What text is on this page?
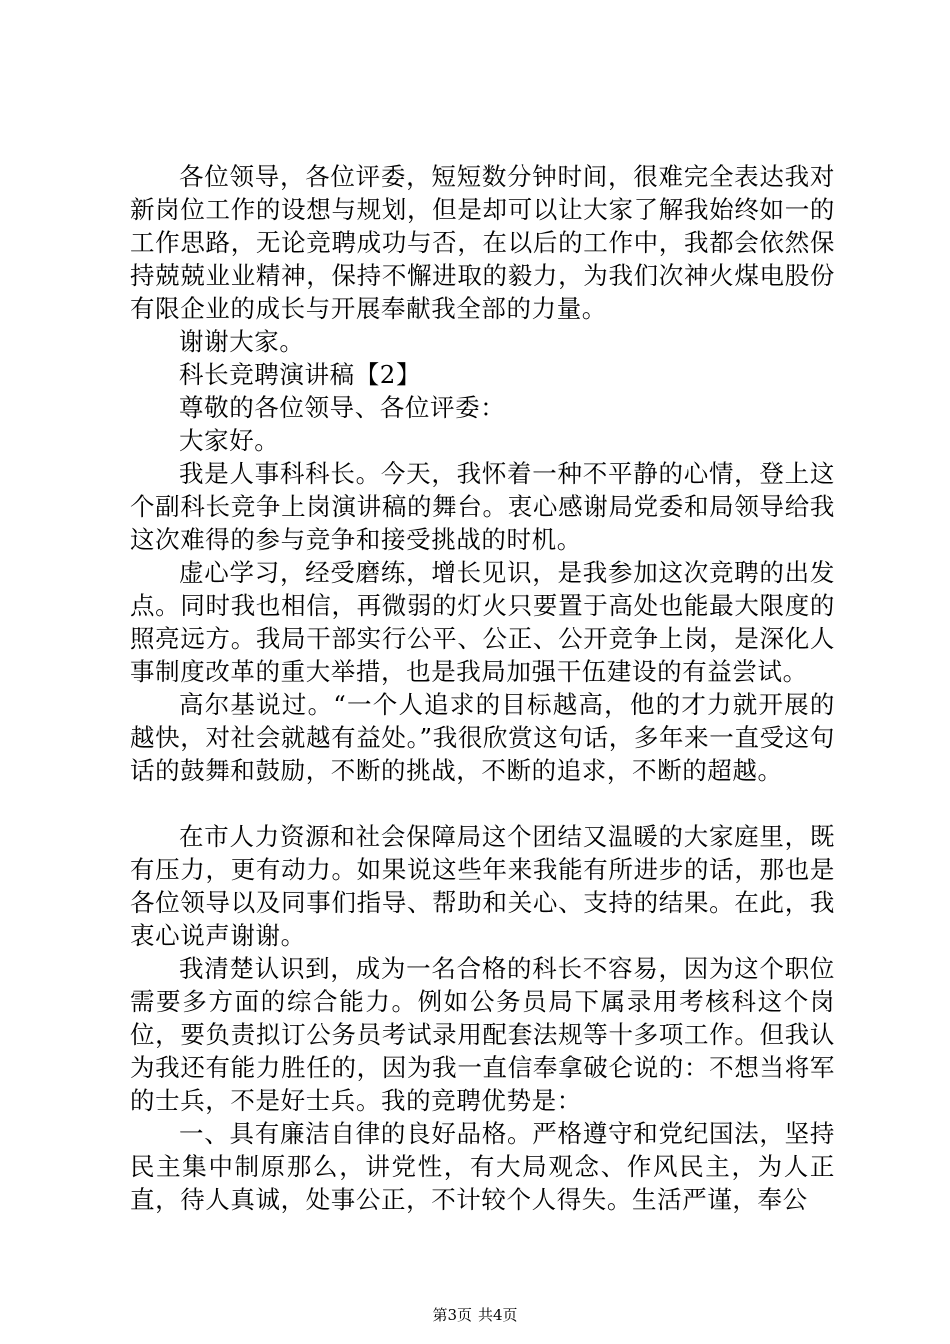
各位领导，各位评委，短短数分钟时间，很难完全表达我对新岗位工作的设想与规划，但是却可以让大家了解我始终如一的工作思路，无论竞聘成功与否，在以后的工作中，我都会依然保持兢兢业业精神，保持不懈进取的毅力，为我们次神火煤电股份有限企业的成长与开展奉献我全部的力量。

谢谢大家。

科长竞聘演讲稿【2】

尊敬的各位领导、各位评委：

大家好。

我是人事科科长。今天，我怀着一种不平静的心情，登上这个副科长竞争上岗演讲稿的舞台。衷心感谢局党委和局领导给我这次难得的参与竞争和接受挑战的时机。

虚心学习，经受磨练，增长见识，是我参加这次竞聘的出发点。同时我也相信，再微弱的灯火只要置于高处也能最大限度的照亮远方。我局干部实行公平、公正、公开竞争上岗，是深化人事制度改革的重大举措，也是我局加强干伍建设的有益尝试。

高尔基说过。“一个人追求的目标越高，他的才力就开展的越快，对社会就越有益处。”我很欣赏这句话，多年来一直受这句话的鼓舞和鼓励，不断的挑战，不断的追求，不断的超越。

在市人力资源和社会保障局这个团结又温暖的大家庭里，既有压力，更有动力。如果说这些年来我能有所进步的话，那也是各位领导以及同事们指导、帮助和关心、支持的结果。在此，我衷心说声谢谢。

我清楚认识到，成为一名合格的科长不容易，因为这个职位需要多方面的综合能力。例如公务员局下属录用考核科这个岗位，要负责拟订公务员考试录用配套法规等十多项工作。但我认为我还有能力胜任的，因为我一直信奉拿破仑说的：不想当将军的士兵，不是好士兵。我的竞聘优势是：

一、具有廉洁自律的良好品格。严格遵守和党纪国法，坚持民主集中制原那么，讲党性，有大局观念、作风民主，为人正直，待人真诚，处事公正，不计较个人得失。生活严谨，奉公

第3页 共4页
